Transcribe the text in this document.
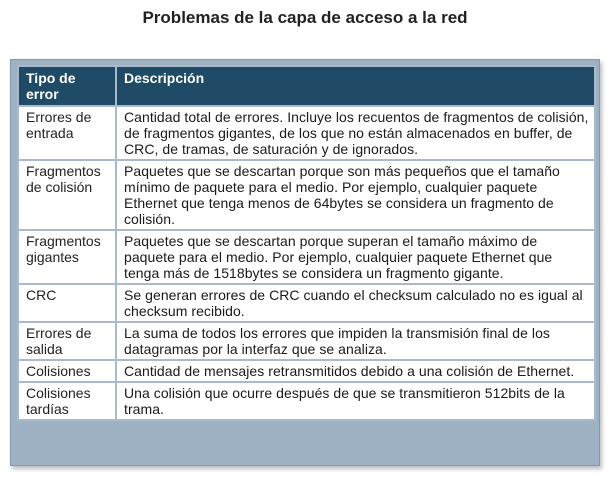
Problemas de la capa de acceso a la red
Tipo de error	Descripción
Errores de entrada	Cantidad total de errores. Incluye los recuentos de fragmentos de colisión, de fragmentos gigantes, de los que no están almacenados en buffer, de CRC, de tramas, de saturación y de ignorados.
Fragmentos de colisión	Paquetes que se descartan porque son más pequeños que el tamaño mínimo de paquete para el medio. Por ejemplo, cualquier paquete Ethernet que tenga menos de 64bytes se considera un fragmento de colisión.
Fragmentos gigantes	Paquetes que se descartan porque superan el tamaño máximo de paquete para el medio. Por ejemplo, cualquier paquete Ethernet que tenga más de 1518bytes se considera un fragmento gigante.
CRC	Se generan errores de CRC cuando el checksum calculado no es igual al checksum recibido.
Errores de salida	La suma de todos los errores que impiden la transmisión final de los datagramas por la interfaz que se analiza.
Colisiones	Cantidad de mensajes retransmitidos debido a una colisión de Ethernet.
Colisiones tardías	Una colisión que ocurre después de que se transmitieron 512bits de la trama.
